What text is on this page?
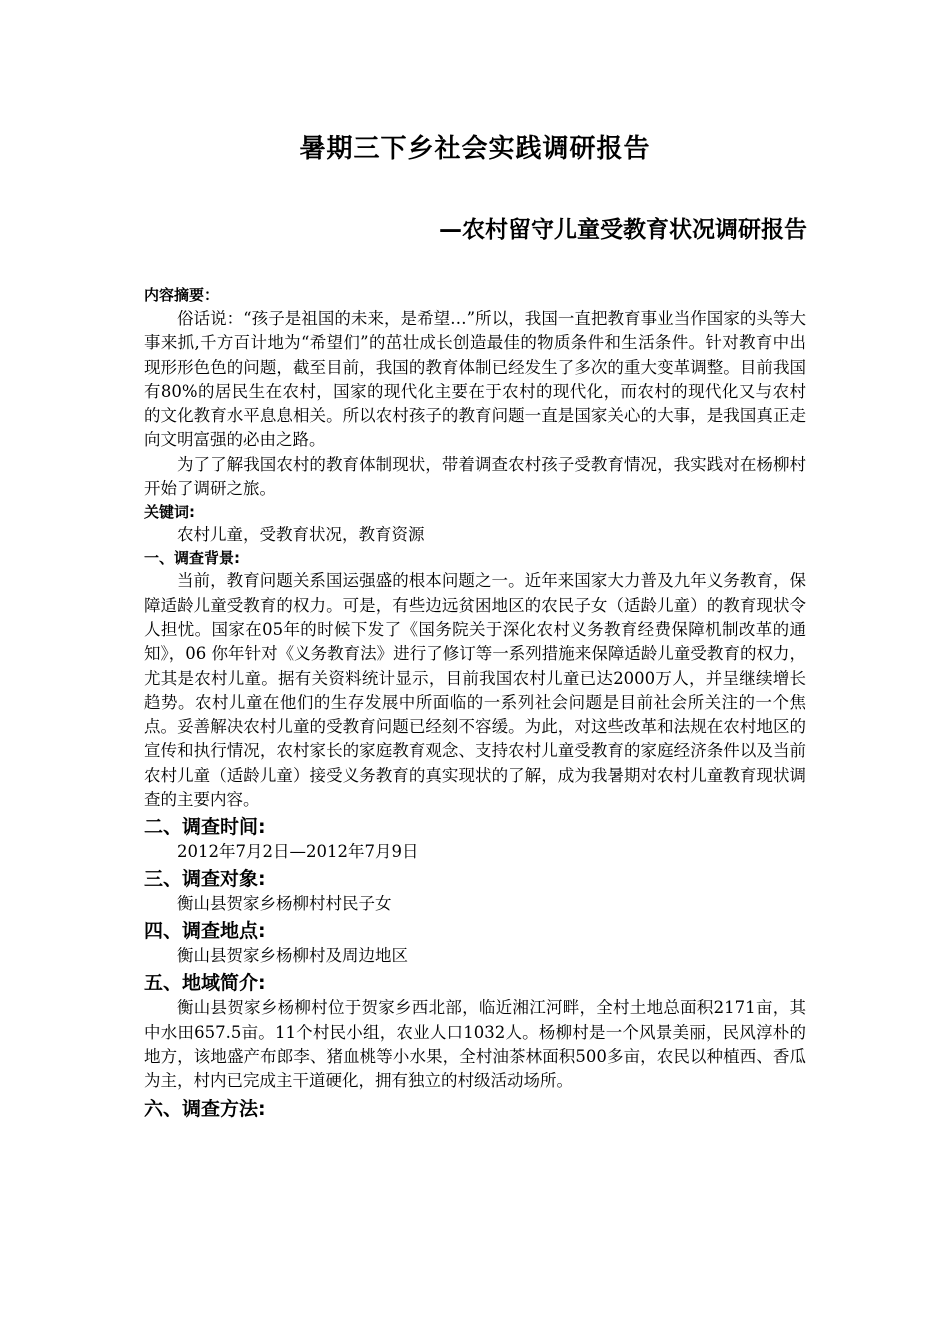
暑期三下乡社会实践调研报告
—农村留守儿童受教育状况调研报告
内容摘要：

俗话说：“孩子是祖国的未来，是希望…”所以，我国一直把教育事业当作国家的头等大事来抓,千方百计地为“希望们”的茁壮成长创造最佳的物质条件和生活条件。针对教育中出现形形色色的问题，截至目前，我国的教育体制已经发生了多次的重大变革调整。目前我国有80%的居民生在农村，国家的现代化主要在于农村的现代化，而农村的现代化又与农村的文化教育水平息息相关。所以农村孩子的教育问题一直是国家关心的大事，是我国真正走向文明富强的必由之路。

为了了解我国农村的教育体制现状，带着调查农村孩子受教育情况，我实践对在杨柳村开始了调研之旅。

关键词:

农村儿童，受教育状况，教育资源

一、调查背景:

当前，教育问题关系国运强盛的根本问题之一。近年来国家大力普及九年义务教育，保障适龄儿童受教育的权力。可是，有些边远贫困地区的农民子女（适龄儿童）的教育现状令人担忧。国家在05年的时候下发了《国务院关于深化农村义务教育经费保障机制改革的通知》，06 你年针对《义务教育法》进行了修订等一系列措施来保障适龄儿童受教育的权力，尤其是农村儿童。据有关资料统计显示，目前我国农村儿童已达2000万人，并呈继续增长趋势。农村儿童在他们的生存发展中所面临的一系列社会问题是目前社会所关注的一个焦点。妥善解决农村儿童的受教育问题已经刻不容缓。为此，对这些改革和法规在农村地区的宣传和执行情况，农村家长的家庭教育观念、支持农村儿童受教育的家庭经济条件以及当前农村儿童（适龄儿童）接受义务教育的真实现状的了解，成为我暑期对农村儿童教育现状调查的主要内容。

二、调查时间:

2012年7月2日—2012年7月9日

三、调查对象:

衡山县贺家乡杨柳村村民子女

四、调查地点:

衡山县贺家乡杨柳村及周边地区

五、地域简介:

衡山县贺家乡杨柳村位于贺家乡西北部，临近湘江河畔，全村土地总面积2171亩，其中水田657.5亩。11个村民小组，农业人口1032人。杨柳村是一个风景美丽，民风淳朴的地方，该地盛产布郎李、猪血桃等小水果，全村油茶林面积500多亩，农民以种植西、香瓜为主，村内已完成主干道硬化，拥有独立的村级活动场所。

六、调查方法:
